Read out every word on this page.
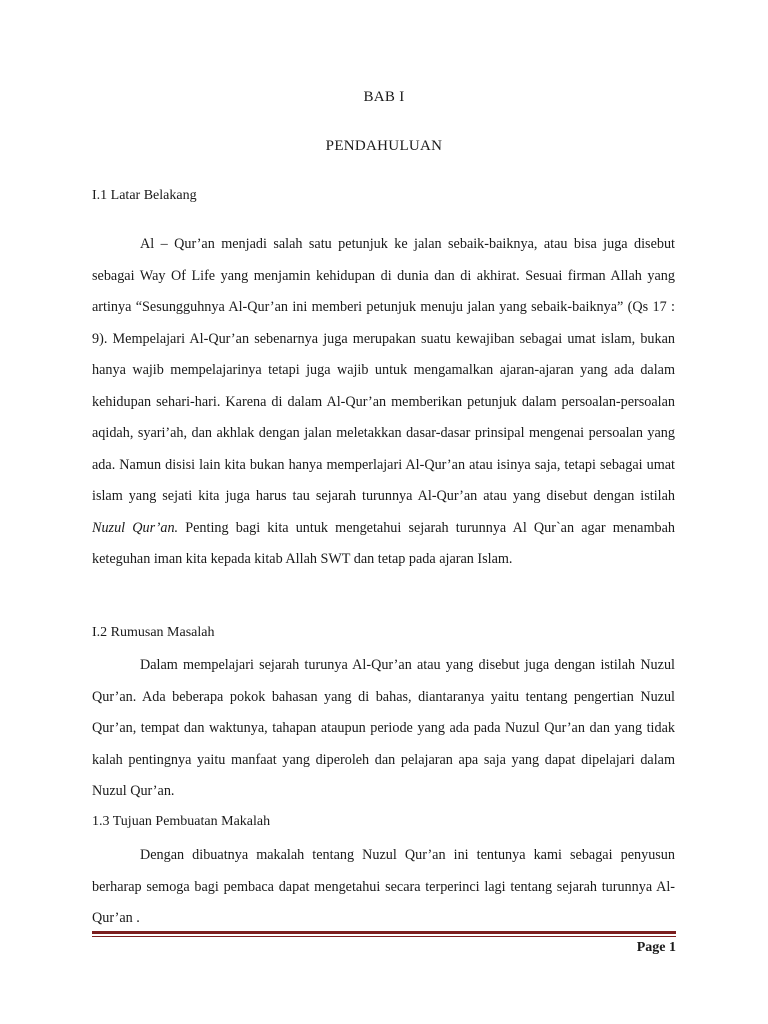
BAB I
PENDAHULUAN
I.1 Latar Belakang
Al – Qur’an menjadi salah satu petunjuk ke jalan sebaik-baiknya, atau bisa juga disebut sebagai Way Of Life yang menjamin kehidupan di dunia dan di akhirat. Sesuai firman Allah yang artinya “Sesungguhnya Al-Qur’an ini memberi petunjuk menuju jalan yang sebaik-baiknya” (Qs 17 : 9). Mempelajari Al-Qur’an sebenarnya juga merupakan suatu kewajiban sebagai umat islam, bukan hanya wajib mempelajarinya tetapi juga wajib untuk mengamalkan ajaran-ajaran yang ada dalam kehidupan sehari-hari. Karena di dalam Al-Qur’an memberikan petunjuk dalam persoalan-persoalan aqidah, syari’ah, dan akhlak dengan jalan meletakkan dasar-dasar prinsipal mengenai persoalan yang ada. Namun disisi lain kita bukan hanya memperlajari Al-Qur’an atau isinya saja, tetapi sebagai umat islam yang sejati kita juga harus tau sejarah turunnya Al-Qur’an atau yang disebut dengan istilah Nuzul Qur’an. Penting bagi kita untuk mengetahui sejarah turunnya Al Qur`an agar menambah keteguhan iman kita kepada kitab Allah SWT dan tetap pada ajaran Islam.
I.2 Rumusan Masalah
Dalam mempelajari sejarah turunya Al-Qur’an atau yang disebut juga dengan istilah Nuzul Qur’an. Ada beberapa pokok bahasan yang di bahas, diantaranya yaitu tentang pengertian Nuzul Qur’an, tempat dan waktunya, tahapan ataupun periode yang ada pada Nuzul Qur’an dan yang tidak kalah pentingnya yaitu manfaat yang diperoleh dan pelajaran apa saja yang dapat dipelajari dalam Nuzul Qur’an.
1.3 Tujuan Pembuatan Makalah
Dengan dibuatnya makalah tentang Nuzul Qur’an ini tentunya kami sebagai penyusun berharap semoga bagi pembaca dapat mengetahui secara terperinci lagi tentang sejarah turunnya Al-Qur’an .
Page 1
